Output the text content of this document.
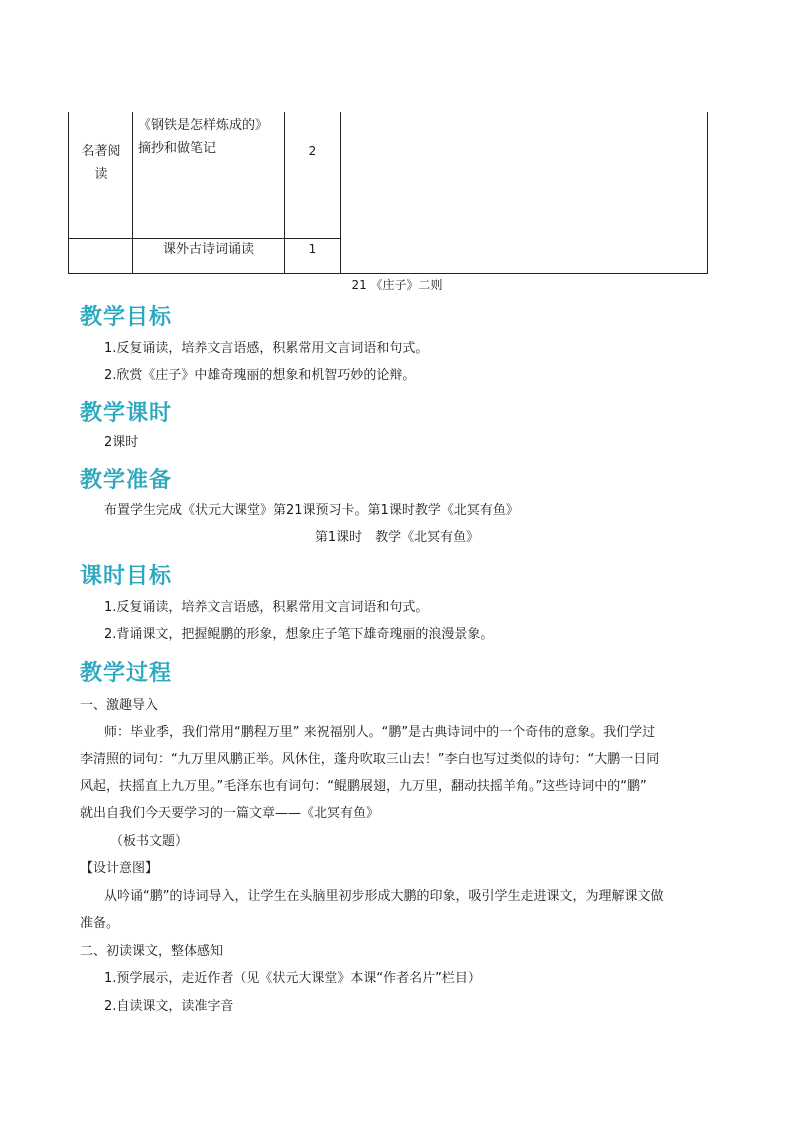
名著阅
读
《钢铁是怎样炼成的》
摘抄和做笔记	2
课外古诗词诵读	1
21 《庄子》二则
教学目标
1.反复诵读，培养文言语感，积累常用文言词语和句式。
2.欣赏《庄子》中雄奇瑰丽的想象和机智巧妙的论辩。
教学课时
2课时
教学准备
布置学生完成《状元大课堂》第21课预习卡。第1课时教学《北冥有鱼》
第1课时　教学《北冥有鱼》
课时目标
1.反复诵读，培养文言语感，积累常用文言词语和句式。
2.背诵课文，把握鲲鹏的形象，想象庄子笔下雄奇瑰丽的浪漫景象。
教学过程
一、激趣导入
师：毕业季，我们常用“鹏程万里” 来祝福别人。“鹏”是古典诗词中的一个奇伟的意象。我们学过
李清照的词句：“九万里风鹏正举。风休住，蓬舟吹取三山去！”李白也写过类似的诗句：“大鹏一日同
风起，扶摇直上九万里。”毛泽东也有词句：“鲲鹏展翅，九万里，翻动扶摇羊角。”这些诗词中的“鹏”
就出自我们今天要学习的一篇文章——《北冥有鱼》
（板书文题）
【设计意图】
从吟诵“鹏”的诗词导入，让学生在头脑里初步形成大鹏的印象，吸引学生走进课文，为理解课文做
准备。
二、初读课文，整体感知
1.预学展示，走近作者（见《状元大课堂》本课“作者名片”栏目）
2.自读课文，读准字音
